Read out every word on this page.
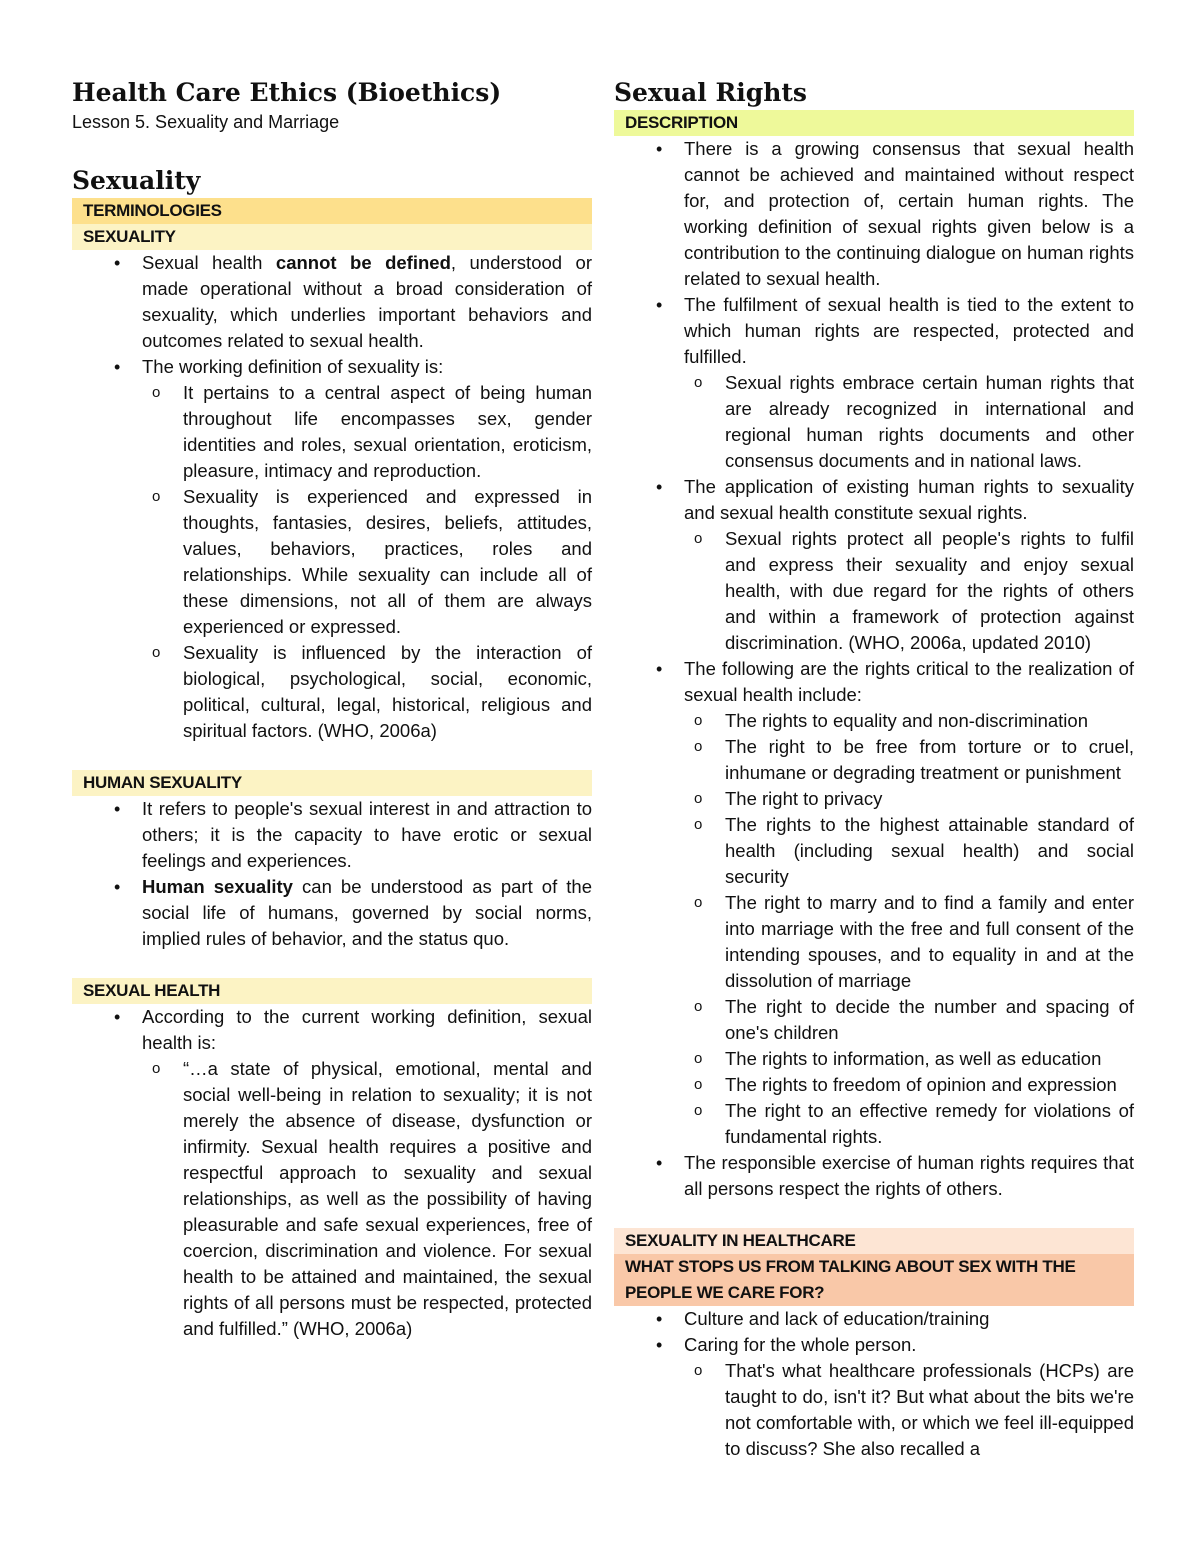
Health Care Ethics (Bioethics)
Lesson 5. Sexuality and Marriage
Sexuality
TERMINOLOGIES
SEXUALITY
• Sexual health cannot be defined, understood or made operational without a broad consideration of sexuality, which underlies important behaviors and outcomes related to sexual health.
• The working definition of sexuality is:
o It pertains to a central aspect of being human throughout life encompasses sex, gender identities and roles, sexual orientation, eroticism, pleasure, intimacy and reproduction.
o Sexuality is experienced and expressed in thoughts, fantasies, desires, beliefs, attitudes, values, behaviors, practices, roles and relationships. While sexuality can include all of these dimensions, not all of them are always experienced or expressed.
o Sexuality is influenced by the interaction of biological, psychological, social, economic, political, cultural, legal, historical, religious and spiritual factors. (WHO, 2006a)
HUMAN SEXUALITY
• It refers to people's sexual interest in and attraction to others; it is the capacity to have erotic or sexual feelings and experiences.
• Human sexuality can be understood as part of the social life of humans, governed by social norms, implied rules of behavior, and the status quo.
SEXUAL HEALTH
• According to the current working definition, sexual health is:
o “…a state of physical, emotional, mental and social well-being in relation to sexuality; it is not merely the absence of disease, dysfunction or infirmity. Sexual health requires a positive and respectful approach to sexuality and sexual relationships, as well as the possibility of having pleasurable and safe sexual experiences, free of coercion, discrimination and violence. For sexual health to be attained and maintained, the sexual rights of all persons must be respected, protected and fulfilled.” (WHO, 2006a)
Sexual Rights
DESCRIPTION
• There is a growing consensus that sexual health cannot be achieved and maintained without respect for, and protection of, certain human rights. The working definition of sexual rights given below is a contribution to the continuing dialogue on human rights related to sexual health.
• The fulfilment of sexual health is tied to the extent to which human rights are respected, protected and fulfilled.
o Sexual rights embrace certain human rights that are already recognized in international and regional human rights documents and other consensus documents and in national laws.
• The application of existing human rights to sexuality and sexual health constitute sexual rights.
o Sexual rights protect all people's rights to fulfil and express their sexuality and enjoy sexual health, with due regard for the rights of others and within a framework of protection against discrimination. (WHO, 2006a, updated 2010)
• The following are the rights critical to the realization of sexual health include:
o The rights to equality and non-discrimination
o The right to be free from torture or to cruel, inhumane or degrading treatment or punishment
o The right to privacy
o The rights to the highest attainable standard of health (including sexual health) and social security
o The right to marry and to find a family and enter into marriage with the free and full consent of the intending spouses, and to equality in and at the dissolution of marriage
o The right to decide the number and spacing of one's children
o The rights to information, as well as education
o The rights to freedom of opinion and expression
o The right to an effective remedy for violations of fundamental rights.
• The responsible exercise of human rights requires that all persons respect the rights of others.
SEXUALITY IN HEALTHCARE
WHAT STOPS US FROM TALKING ABOUT SEX WITH THE PEOPLE WE CARE FOR?
• Culture and lack of education/training
• Caring for the whole person.
o That's what healthcare professionals (HCPs) are taught to do, isn't it? But what about the bits we're not comfortable with, or which we feel ill-equipped to discuss? She also recalled a
